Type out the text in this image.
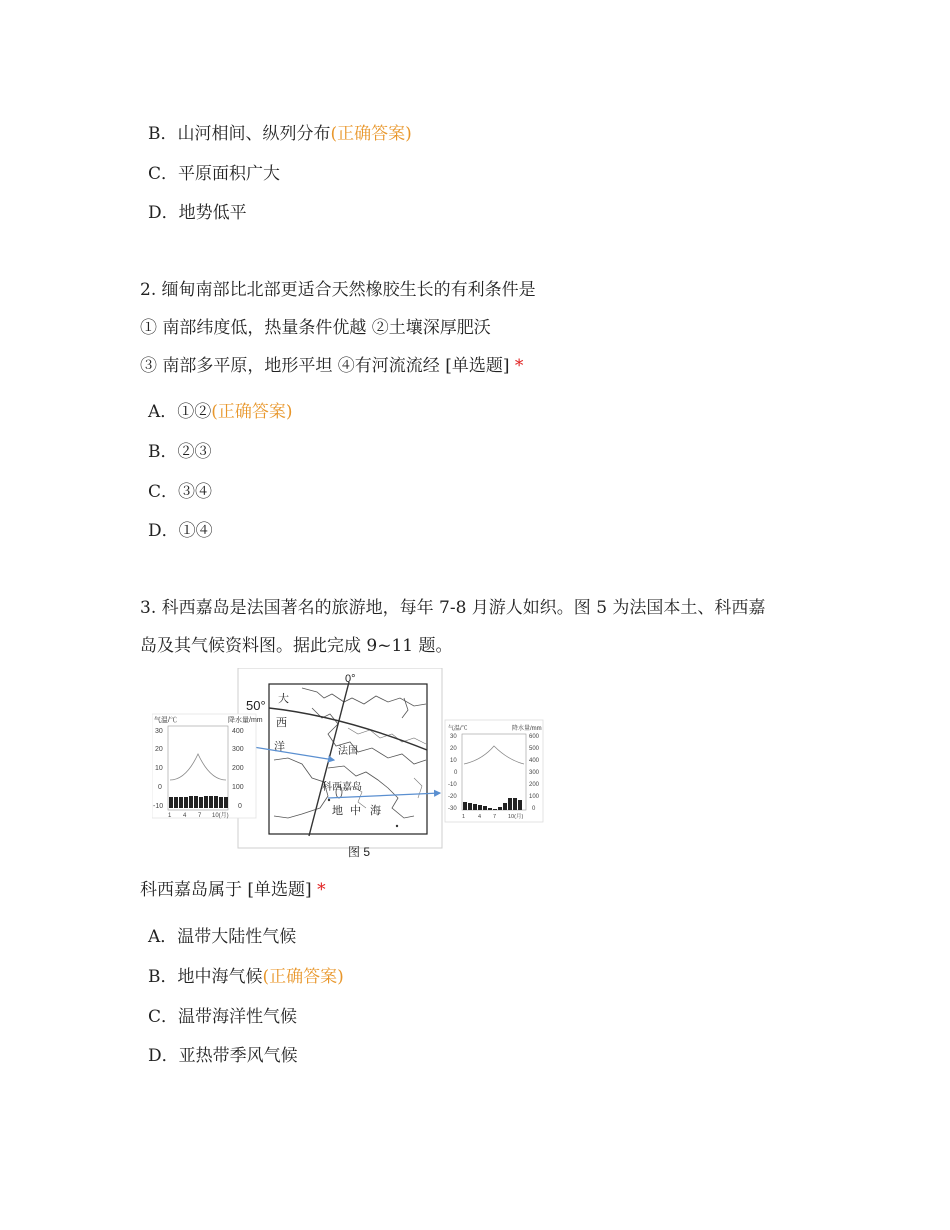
B．山河相间、纵列分布(正确答案)
C．平原面积广大
D．地势低平
2. 缅甸南部比北部更适合天然橡胶生长的有利条件是
① 南部纬度低，热量条件优越 ②土壤深厚肥沃
③ 南部多平原，地形平坦 ④有河流流经 [单选题] *
A．①②(正确答案)
B．②③
C．③④
D．①④
3. 科西嘉岛是法国著名的旅游地，每年 7-8 月游人如织。图 5 为法国本土、科西嘉
岛及其气候资料图。据此完成 9~11 题。
0°
50° 大
西
洋	法国
科西嘉岛
地 中 海
图 5
气温/℃	降水量/mm
30
20
10
0
-10
400
300
200
100
0
1 4 7 10(月)
气温/℃	降水量/mm
30
20
10
0
-10
-20
-30
600
500
400
300
200
100
0
1 4 7 10(月)
科西嘉岛属于 [单选题] *
A．温带大陆性气候
B．地中海气候(正确答案)
C．温带海洋性气候
D．亚热带季风气候
